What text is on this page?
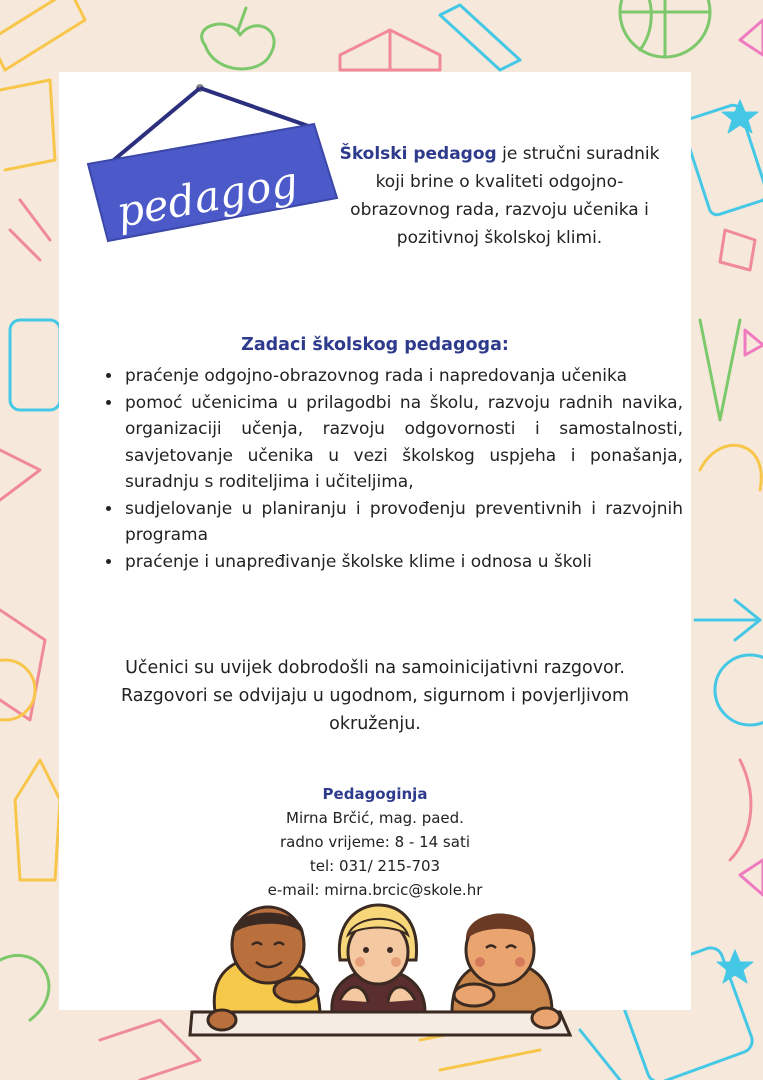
pedagog
Školski pedagog je stručni suradnik koji brine o kvaliteti odgojno-obrazovnog rada, razvoju učenika i pozitivnoj školskoj klimi.
Zadaci školskog pedagoga:
• praćenje odgojno-obrazovnog rada i napredovanja učenika
• pomoć učenicima u prilagodbi na školu, razvoju radnih navika, organizaciji učenja, razvoju odgovornosti i samostalnosti, savjetovanje učenika u vezi školskog uspjeha i ponašanja, suradnju s roditeljima i učiteljima,
• sudjelovanje u planiranju i provođenju preventivnih i razvojnih programa
• praćenje i unapređivanje školske klime i odnosa u školi
Učenici su uvijek dobrodošli na samoinicijativni razgovor.
Razgovori se odvijaju u ugodnom, sigurnom i povjerljivom okruženju.
Pedagoginja
Mirna Brčić, mag. paed.
radno vrijeme: 8 - 14 sati
tel: 031/ 215-703
e-mail: mirna.brcic@skole.hr
